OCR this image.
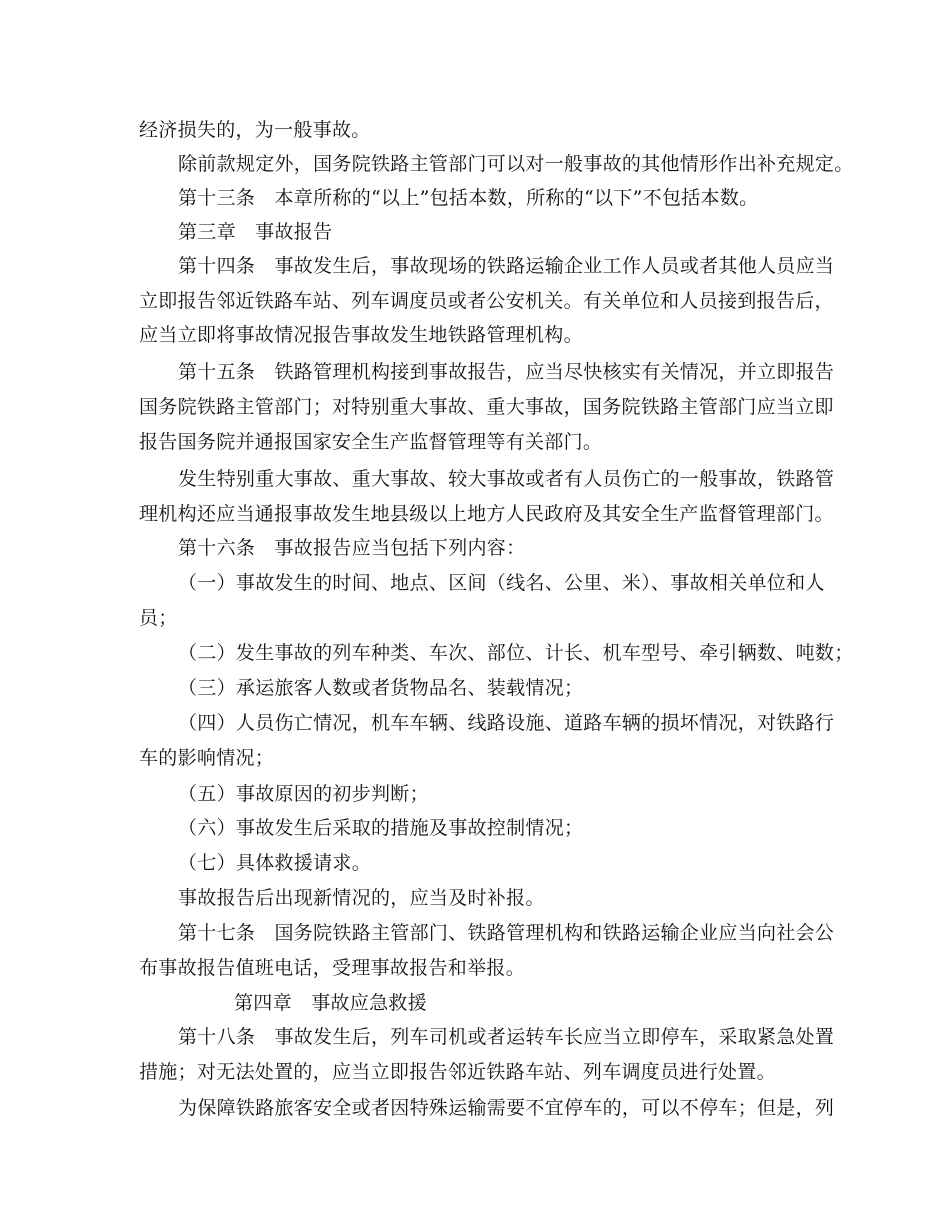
经济损失的，为一般事故。
除前款规定外，国务院铁路主管部门可以对一般事故的其他情形作出补充规定。
第十三条　本章所称的“以上”包括本数，所称的“以下”不包括本数。
第三章　事故报告
第十四条　事故发生后，事故现场的铁路运输企业工作人员或者其他人员应当
立即报告邻近铁路车站、列车调度员或者公安机关。有关单位和人员接到报告后，
应当立即将事故情况报告事故发生地铁路管理机构。
第十五条　铁路管理机构接到事故报告，应当尽快核实有关情况，并立即报告
国务院铁路主管部门；对特别重大事故、重大事故，国务院铁路主管部门应当立即
报告国务院并通报国家安全生产监督管理等有关部门。
发生特别重大事故、重大事故、较大事故或者有人员伤亡的一般事故，铁路管
理机构还应当通报事故发生地县级以上地方人民政府及其安全生产监督管理部门。
第十六条　事故报告应当包括下列内容：
（一）事故发生的时间、地点、区间（线名、公里、米）、事故相关单位和人
员；
（二）发生事故的列车种类、车次、部位、计长、机车型号、牵引辆数、吨数；
（三）承运旅客人数或者货物品名、装载情况；
（四）人员伤亡情况，机车车辆、线路设施、道路车辆的损坏情况，对铁路行
车的影响情况；
（五）事故原因的初步判断；
（六）事故发生后采取的措施及事故控制情况；
（七）具体救援请求。
事故报告后出现新情况的，应当及时补报。
第十七条　国务院铁路主管部门、铁路管理机构和铁路运输企业应当向社会公
布事故报告值班电话，受理事故报告和举报。
第四章　事故应急救援
第十八条　事故发生后，列车司机或者运转车长应当立即停车，采取紧急处置
措施；对无法处置的，应当立即报告邻近铁路车站、列车调度员进行处置。
为保障铁路旅客安全或者因特殊运输需要不宜停车的，可以不停车；但是，列
